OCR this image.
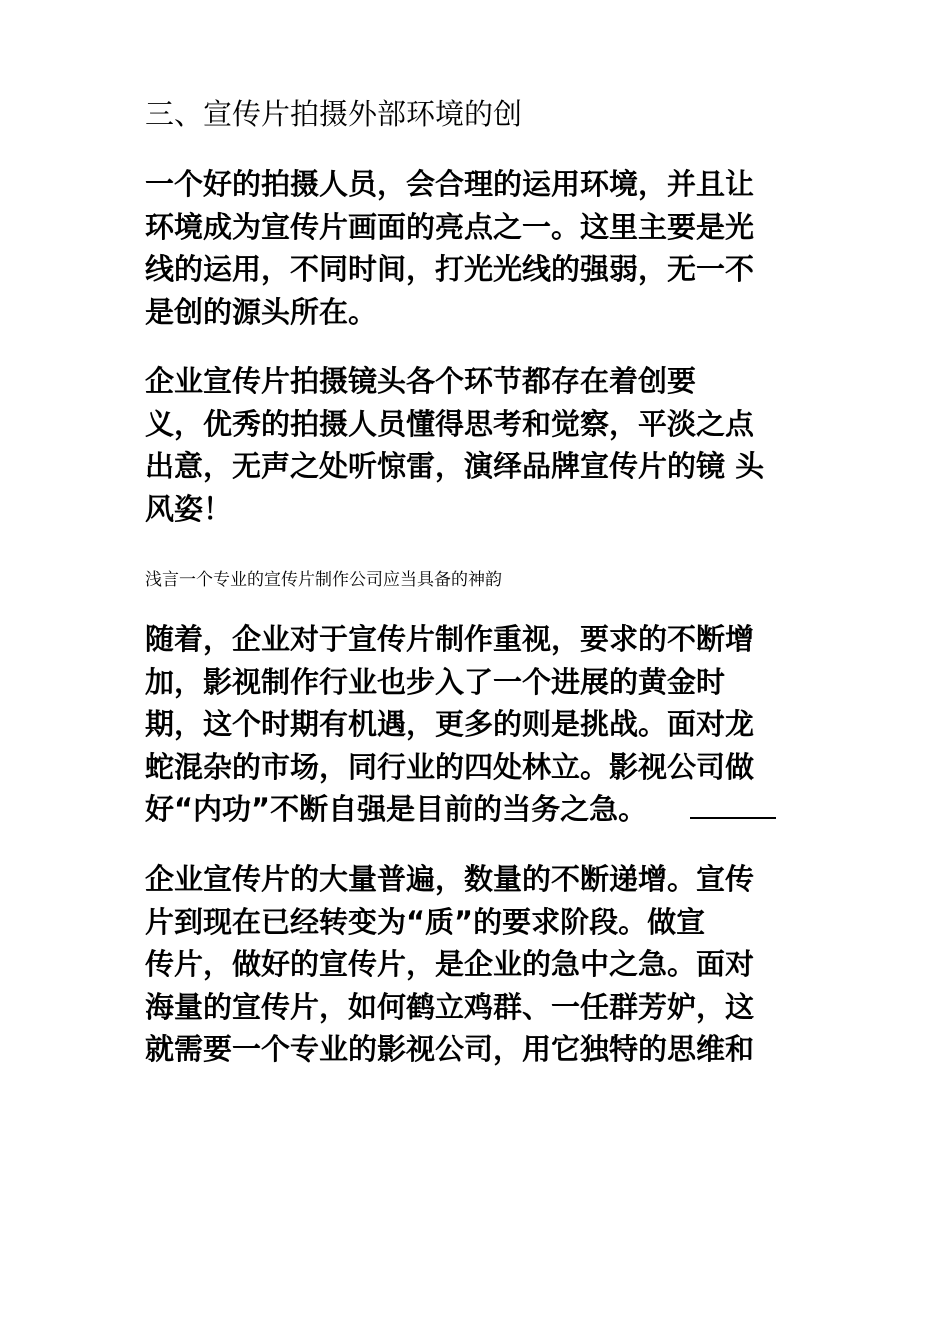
三、宣传片拍摄外部环境的创

一个好的拍摄人员，会合理的运用环境，并且让
环境成为宣传片画面的亮点之一。这里主要是光
线的运用，不同时间，打光光线的强弱，无一不
是创的源头所在。

企业宣传片拍摄镜头各个环节都存在着创要
义，优秀的拍摄人员懂得思考和觉察，平淡之点
出意，无声之处听惊雷，演绎品牌宣传片的镜 头
风姿！

浅言一个专业的宣传片制作公司应当具备的神韵

随着，企业对于宣传片制作重视，要求的不断增
加，影视制作行业也步入了一个进展的黄金时
期，这个时期有机遇，更多的则是挑战。面对龙
蛇混杂的市场，同行业的四处林立。影视公司做
好“内功”不断自强是目前的当务之急。

企业宣传片的大量普遍，数量的不断递增。宣传
片到现在已经转变为“质”的要求阶段。做宣
传片，做好的宣传片，是企业的急中之急。面对
海量的宣传片，如何鹤立鸡群、一任群芳妒，这
就需要一个专业的影视公司，用它独特的思维和
